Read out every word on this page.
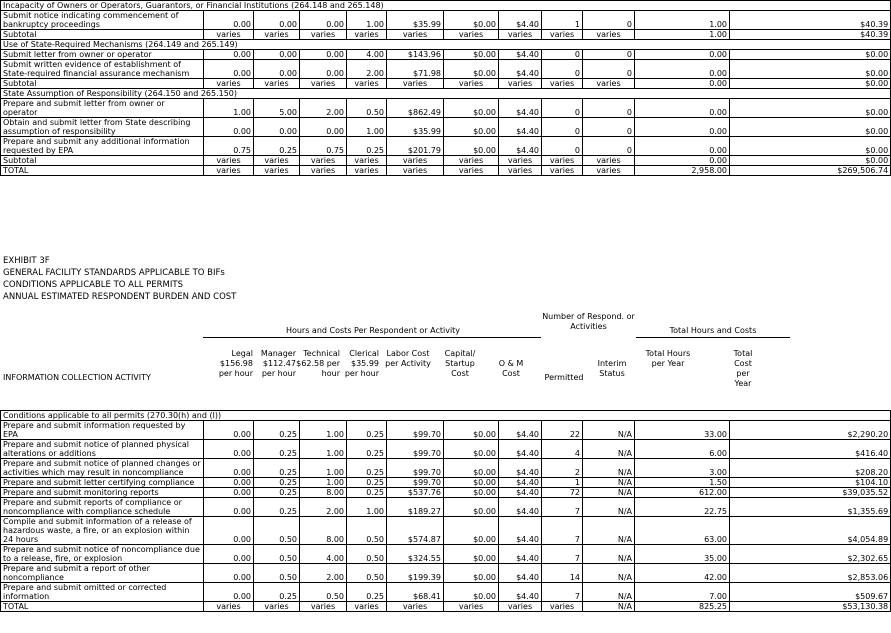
Incapacity of Owners or Operators, Guarantors, or Financial Institutions (264.148 and 265.148)											
Submit notice indicating commencement of bankruptcy proceedings	0.00	0.00	0.00	1.00	$35.99	$0.00	$4.40	1	0	1.00	$40.39
Subtotal	varies	varies	varies	varies	varies	varies	varies	varies	varies	1.00	$40.39
Use of State-Required Mechanisms (264.149 and 265.149)											
Submit letter from owner or operator	0.00	0.00	0.00	4.00	$143.96	$0.00	$4.40	0	0	0.00	$0.00
Submit written evidence of establishment of State-required financial assurance mechanism	0.00	0.00	0.00	2.00	$71.98	$0.00	$4.40	0	0	0.00	$0.00
Subtotal	varies	varies	varies	varies	varies	varies	varies	varies	varies	0.00	$0.00
State Assumption of Responsibility (264.150 and 265.150)											
Prepare and submit letter from owner or operator	1.00	5.00	2.00	0.50	$862.49	$0.00	$4.40	0	0	0.00	$0.00
Obtain and submit letter from State describing assumption of responsibility	0.00	0.00	0.00	1.00	$35.99	$0.00	$4.40	0	0	0.00	$0.00
Prepare and submit any additional information requested by EPA	0.75	0.25	0.75	0.25	$201.79	$0.00	$4.40	0	0	0.00	$0.00
Subtotal	varies	varies	varies	varies	varies	varies	varies	varies	varies	0.00	$0.00
TOTAL	varies	varies	varies	varies	varies	varies	varies	varies	varies	2,958.00	$269,506.74
EXHIBIT 3F
GENERAL FACILITY STANDARDS APPLICABLE TO BIFs
CONDITIONS APPLICABLE TO ALL PERMITS
ANNUAL ESTIMATED RESPONDENT BURDEN AND COST
Hours and Costs Per Respondent or Activity
Number of Respond. or Activities	Total Hours and Costs
INFORMATION COLLECTION ACTIVITY
Legal $156.98 per hour
Manager $112.47 per hour
Technical $62.58 per hour
Clerical $35.99 per hour
Labor Cost per Activity
Capital/ Startup Cost
O & M Cost	Permitted
Interim Status
Total Hours per Year
Total Cost per Year
Conditions applicable to all permits (270.30(h) and (l))											
Prepare and submit information requested by EPA	0.00	0.25	1.00	0.25	$99.70	$0.00	$4.40	22	N/A	33.00	$2,290.20
Prepare and submit notice of planned physical alterations or additions	0.00	0.25	1.00	0.25	$99.70	$0.00	$4.40	4	N/A	6.00	$416.40
Prepare and submit notice of planned changes or activities which may result in noncompliance	0.00	0.25	1.00	0.25	$99.70	$0.00	$4.40	2	N/A	3.00	$208.20
Prepare and submit letter certifying compliance	0.00	0.25	1.00	0.25	$99.70	$0.00	$4.40	1	N/A	1.50	$104.10
Prepare and submit monitoring reports	0.00	0.25	8.00	0.25	$537.76	$0.00	$4.40	72	N/A	612.00	$39,035.52
Prepare and submit reports of compliance or noncompliance with compliance schedule	0.00	0.25	2.00	1.00	$189.27	$0.00	$4.40	7	N/A	22.75	$1,355.69
Compile and submit information of a release of hazardous waste, a fire, or an explosion within 24 hours	0.00	0.50	8.00	0.50	$574.87	$0.00	$4.40	7	N/A	63.00	$4,054.89
Prepare and submit notice of noncompliance due to a release, fire, or explosion	0.00	0.50	4.00	0.50	$324.55	$0.00	$4.40	7	N/A	35.00	$2,302.65
Prepare and submit a report of other noncompliance	0.00	0.50	2.00	0.50	$199.39	$0.00	$4.40	14	N/A	42.00	$2,853.06
Prepare and submit omitted or corrected information	0.00	0.25	0.50	0.25	$68.41	$0.00	$4.40	7	N/A	7.00	$509.67
TOTAL	varies	varies	varies	varies	varies	varies	varies	varies	N/A	825.25	$53,130.38
